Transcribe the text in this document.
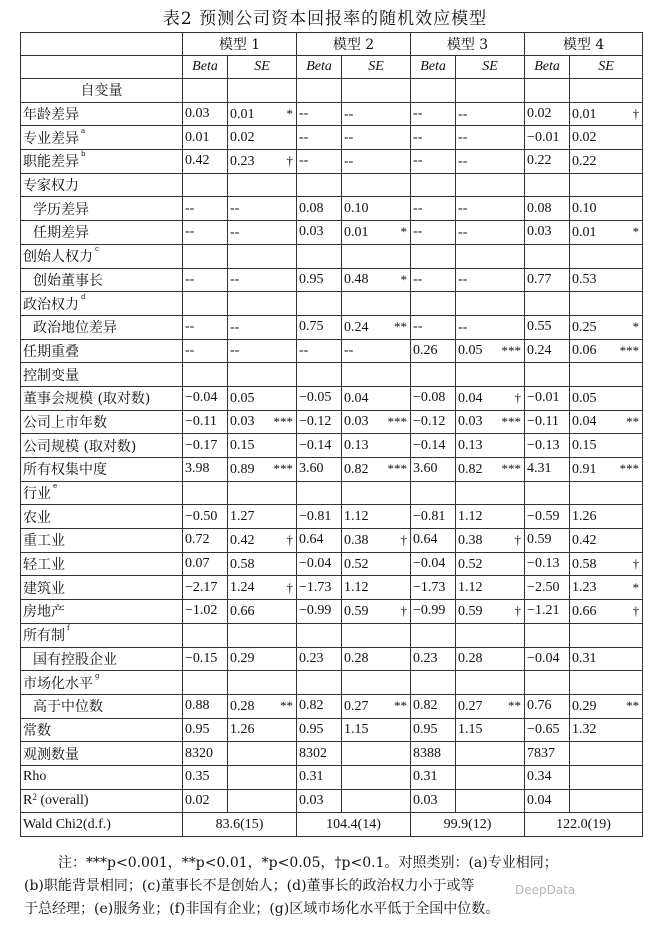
表2 预测公司资本回报率的随机效应模型
	模型 1		模型 2		模型 3		模型 4	
	Beta	SE	Beta	SE	Beta	SE	Beta	SE
自变量								
年龄差异	0.03	0.01 *	--	--	--	--	0.02	0.01 †

专业差异 $^a$	0.01	0.02	--	--	--	--	−0.01	0.02

职能差异 $^b$	0.42	0.23 †	--	--	--	--	0.22	0.22

专家权力								
学历差异	--	--	0.08	0.10	--	--	0.08	0.10

任期差异	--	--	0.03	0.01 *	--	--	0.03	0.01 *

创始人权力 $^c$								
创始董事长	--	--	0.95	0.48 *	--	--	0.77	0.53

政治权力 $^d$								
政治地位差异	--	--	0.75	0.24 **	--	--	0.55	0.25 *

任期重叠	--	--	--	--	0.26	0.05 ***	0.24	0.06 ***

控制变量								
董事会规模 (取对数)	−0.04	0.05	−0.05	0.04	−0.08	0.04 †	−0.01	0.05

公司上市年数	−0.11	0.03 ***	−0.12	0.03 ***	−0.12	0.03 ***	−0.11	0.04 **

公司规模 (取对数)	−0.17	0.15	−0.14	0.13	−0.14	0.13	−0.13	0.15

所有权集中度	3.98	0.89 ***	3.60	0.82 ***	3.60	0.82 ***	4.31	0.91 ***

行业 $^e$								
农业	−0.50	1.27	−0.81	1.12	−0.81	1.12	−0.59	1.26

重工业	0.72	0.42 †	0.64	0.38 †	0.64	0.38 †	0.59	0.42

轻工业	0.07	0.58	−0.04	0.52	−0.04	0.52	−0.13	0.58 †

建筑业	−2.17	1.24 †	−1.73	1.12	−1.73	1.12	−2.50	1.23 *

房地产	−1.02	0.66	−0.99	0.59 †	−0.99	0.59 †	−1.21	0.66 †

所有制 $^f$								
国有控股企业	−0.15	0.29	0.23	0.28	0.23	0.28	−0.04	0.31

市场化水平 $^g$								
高于中位数	0.88	0.28 **	0.82	0.27 **	0.82	0.27 **	0.76	0.29 **

常数	0.95	1.26	0.95	1.15	0.95	1.15	−0.65	1.32

观测数量	8320		8302		8388		7837	

Rho	0.35		0.31		0.31		0.34	

$R^2$ (overall)	0.02		0.03		0.03		0.04	

Wald Chi2(d.f.)	83.6(15)		104.4(14)		99.9(12)		122.0(19)	

注：***p<0.001，**p<0.01，*p<0.05，†p<0.1。对照类别：(a)专业相同；

(b)职能背景相同；(c)董事长不是创始人；(d)董事长的政治权力小于或等

于总经理；(e)服务业；(f)非国有企业；(g)区域市场化水平低于全国中位数。

DeepData
